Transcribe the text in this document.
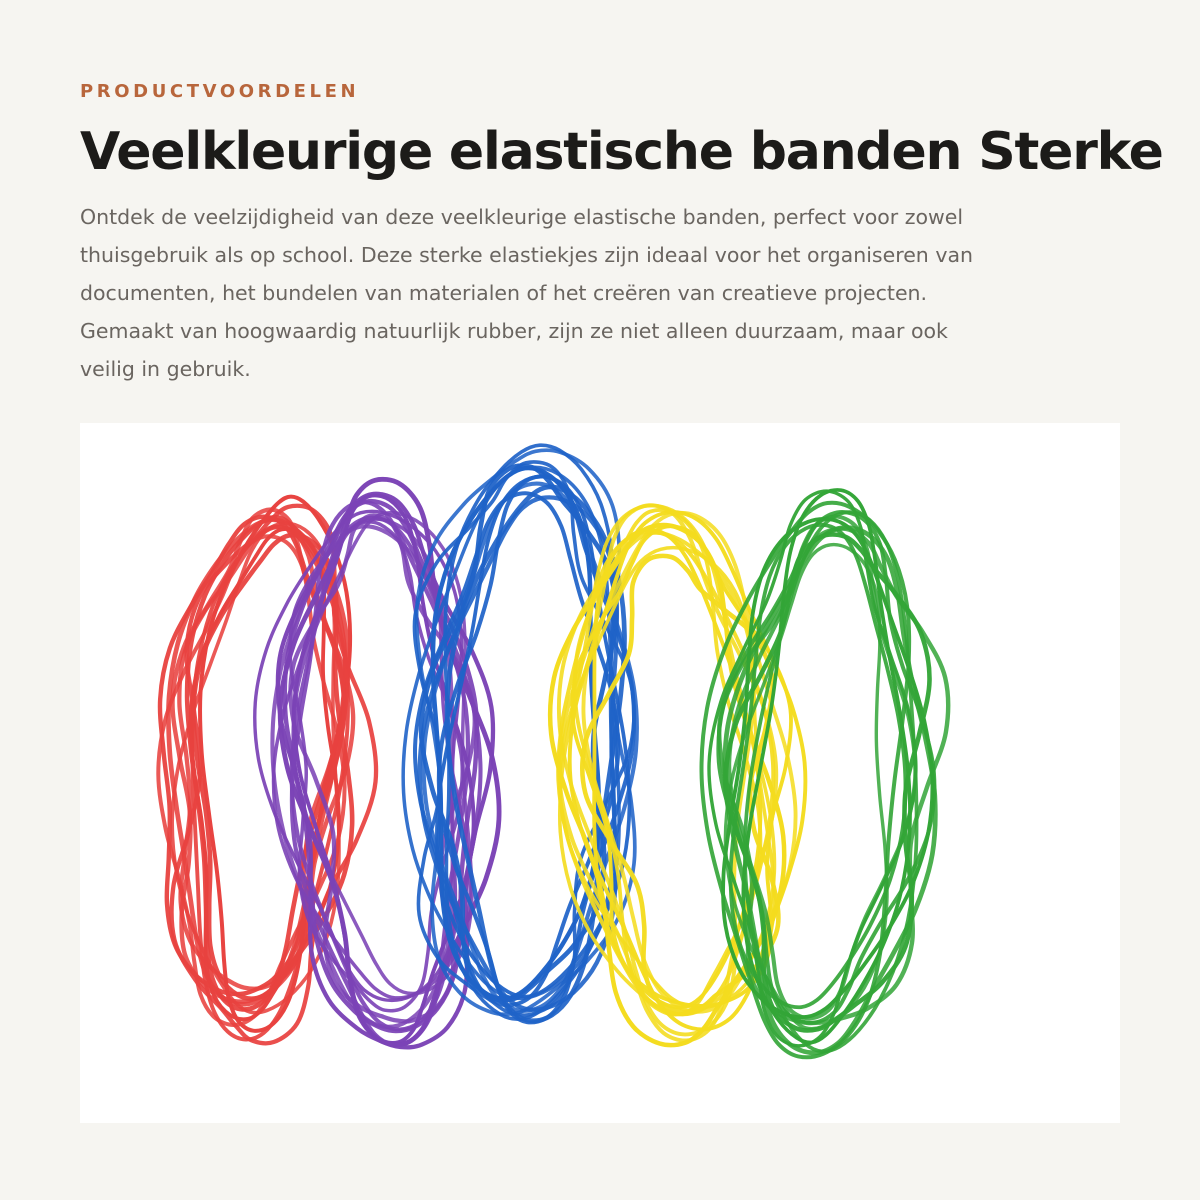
PRODUCTVOORDELEN
Veelkleurige elastische banden Sterke

Ontdek de veelzijdigheid van deze veelkleurige elastische banden, perfect voor zowel
thuisgebruik als op school. Deze sterke elastiekjes zijn ideaal voor het organiseren van
documenten, het bundelen van materialen of het creëren van creatieve projecten.
Gemaakt van hoogwaardig natuurlijk rubber, zijn ze niet alleen duurzaam, maar ook
veilig in gebruik.
